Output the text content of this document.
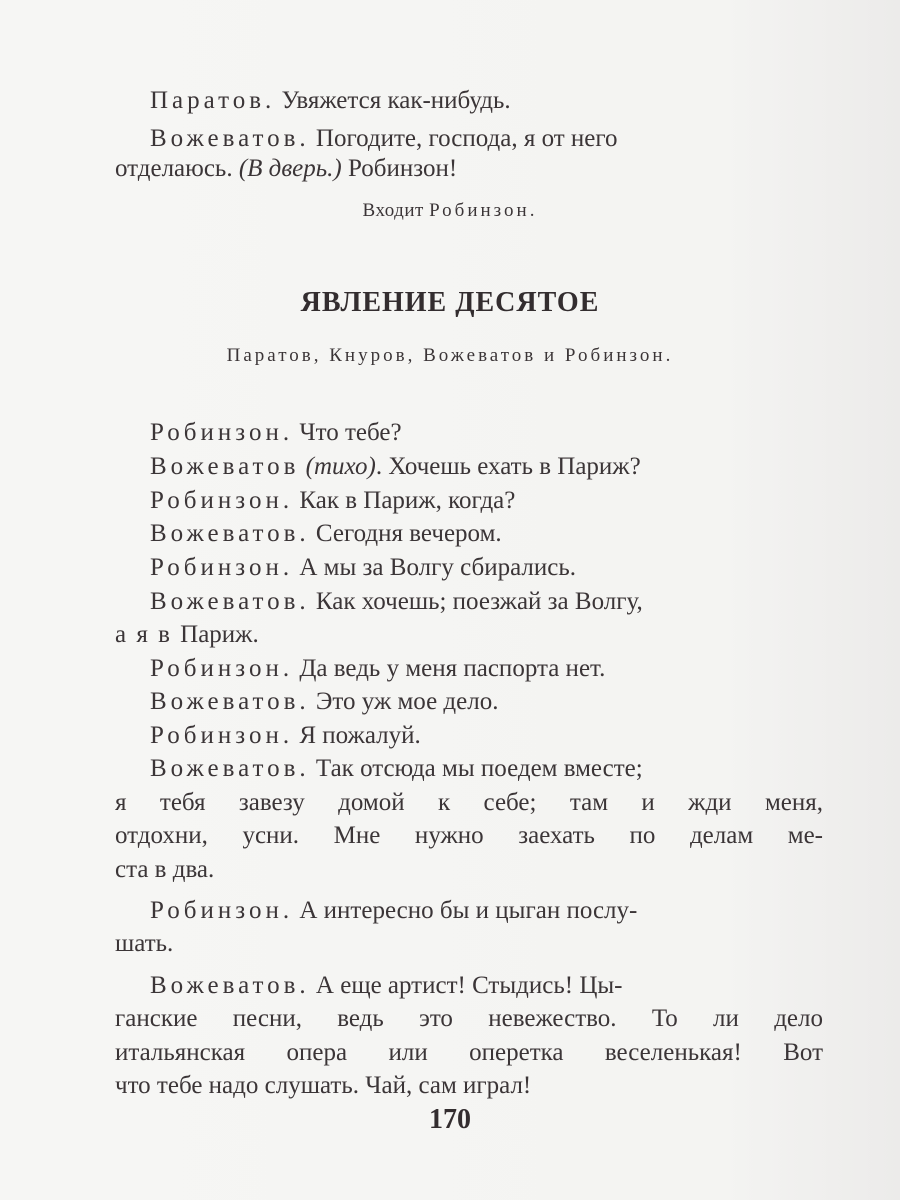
Паратов. Увяжется как-нибудь.
Вожеватов. Погодите, господа, я от него
отделаюсь. (В дверь.) Робинзон!
Входит Робинзон.
ЯВЛЕНИЕ ДЕСЯТОЕ
Паратов, Кнуров, Вожеватов и Робинзон.
Робинзон. Что тебе?
Вожеватов (тихо). Хочешь ехать в Париж?
Робинзон. Как в Париж, когда?
Вожеватов. Сегодня вечером.
Робинзон. А мы за Волгу сбирались.
Вожеватов. Как хочешь; поезжай за Волгу,
а я в Париж.
Робинзон. Да ведь у меня паспорта нет.
Вожеватов. Это уж мое дело.
Робинзон. Я пожалуй.
Вожеватов. Так отсюда мы поедем вместе;
я тебя завезу домой к себе; там и жди меня,
отдохни, усни. Мне нужно заехать по делам ме-
ста в два.
Робинзон. А интересно бы и цыган послу-
шать.
Вожеватов. А еще артист! Стыдись! Цы-
ганские песни, ведь это невежество. То ли дело
итальянская опера или оперетка веселенькая! Вот
что тебе надо слушать. Чай, сам играл!
170
